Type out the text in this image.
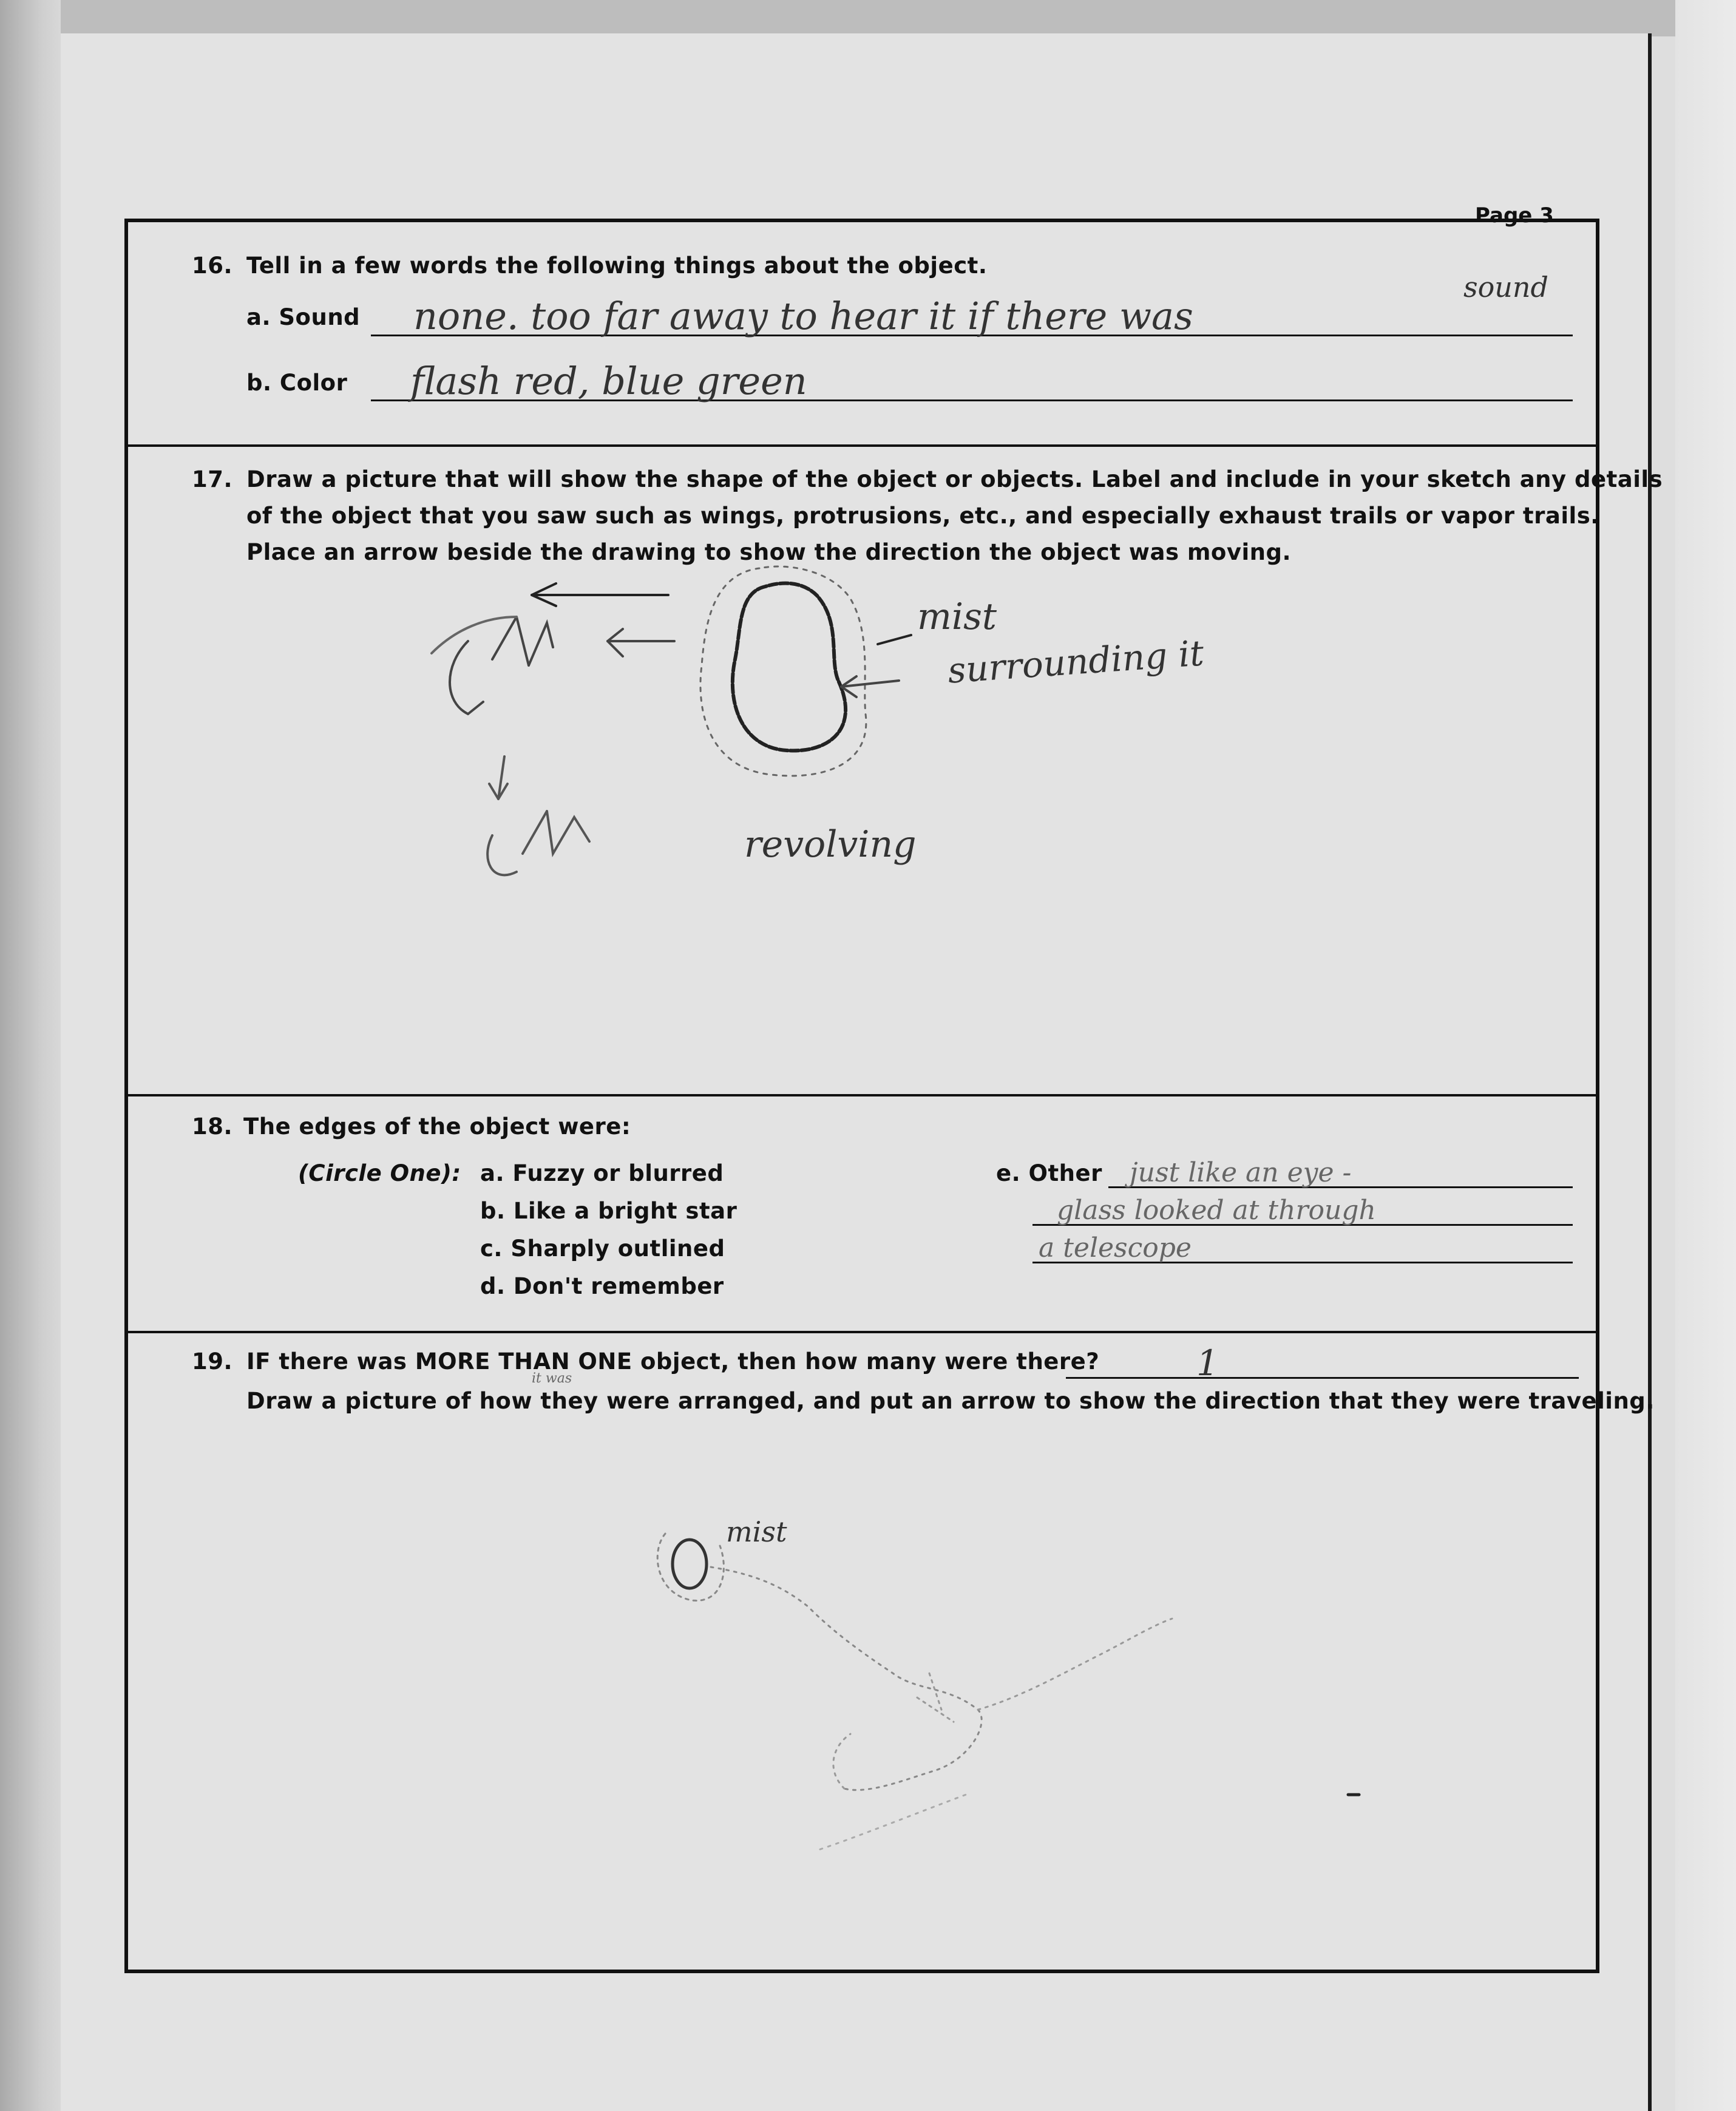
Page 3
16. Tell in a few words the following things about the object.
a. Sound none. too far away to hear it if there was
sound
b. Color flash red, blue green
17. Draw a picture that will show the shape of the object or objects. Label and include in your sketch any details
of the object that you saw such as wings, protrusions, etc., and especially exhaust trails or vapor trails.
Place an arrow beside the drawing to show the direction the object was moving.
mist
surrounding it
revolving
18. The edges of the object were:
(Circle One): a. Fuzzy or blurred
b. Like a bright star
c. Sharply outlined
d. Don't remember
e. Other just like an eye -
glass looked at through
a telescope
19. IF there was MORE THAN ONE object, then how many were there?	1
it was
Draw a picture of how they were arranged, and put an arrow to show the direction that they were traveling.
mist
